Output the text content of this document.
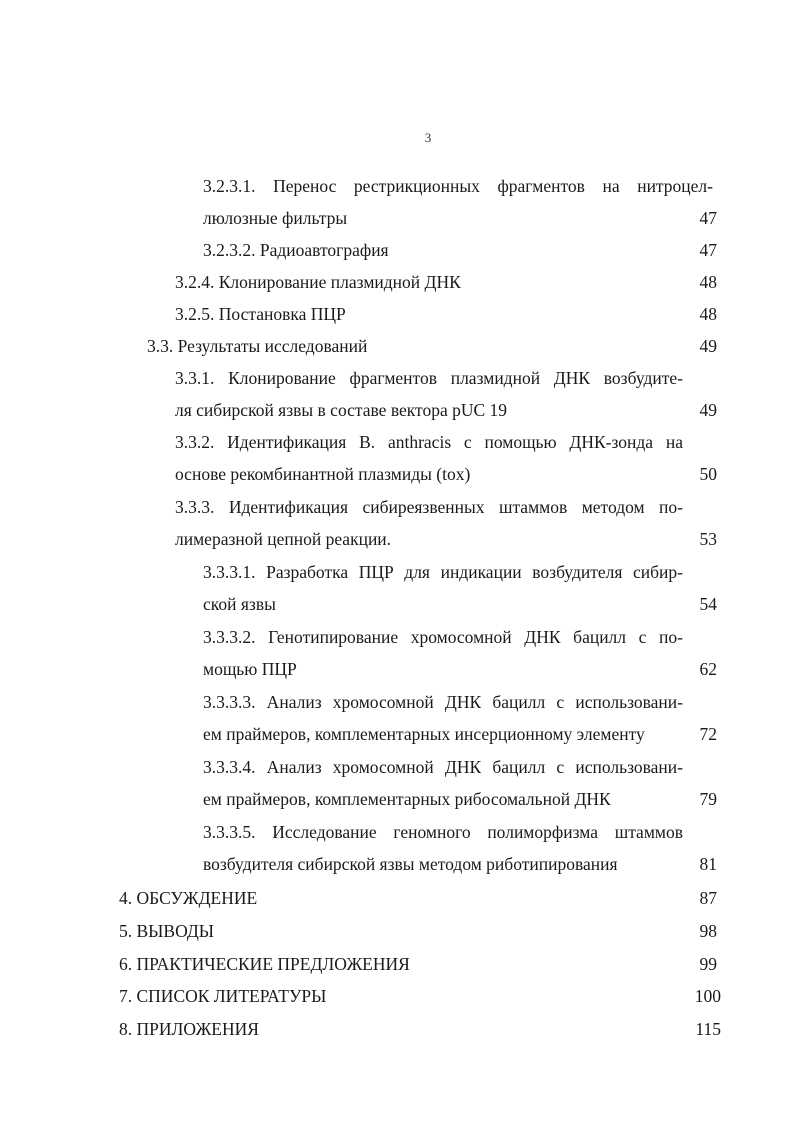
3
3.2.3.1. Перенос рестрикционных фрагментов на нитроцел-
люлозные фильтры	47
3.2.3.2. Радиоавтография	47
3.2.4. Клонирование плазмидной ДНК	48
3.2.5. Постановка ПЦР	48
3.3. Результаты исследований	49
3.3.1. Клонирование фрагментов плазмидной ДНК возбудите-
ля сибирской язвы в составе вектора pUC 19	49
3.3.2. Идентификация В. anthracis с помощью ДНК-зонда на
основе рекомбинантной плазмиды (tox)	50
3.3.3. Идентификация сибиреязвенных штаммов методом по-
лимеразной цепной реакции.	53
3.3.3.1. Разработка ПЦР для индикации возбудителя сибир-
ской язвы	54
3.3.3.2. Генотипирование хромосомной ДНК бацилл с по-
мощью ПЦР	62
3.3.3.3. Анализ хромосомной ДНК бацилл с использовани-
ем праймеров, комплементарных инсерционному элементу	72
3.3.3.4. Анализ хромосомной ДНК бацилл с использовани-
ем праймеров, комплементарных рибосомальной ДНК	79
3.3.3.5. Исследование геномного полиморфизма штаммов
возбудителя сибирской язвы методом риботипирования	81
4. ОБСУЖДЕНИЕ	87
5. ВЫВОДЫ	98
6. ПРАКТИЧЕСКИЕ ПРЕДЛОЖЕНИЯ	99
7. СПИСОК ЛИТЕРАТУРЫ	100
8. ПРИЛОЖЕНИЯ	115
